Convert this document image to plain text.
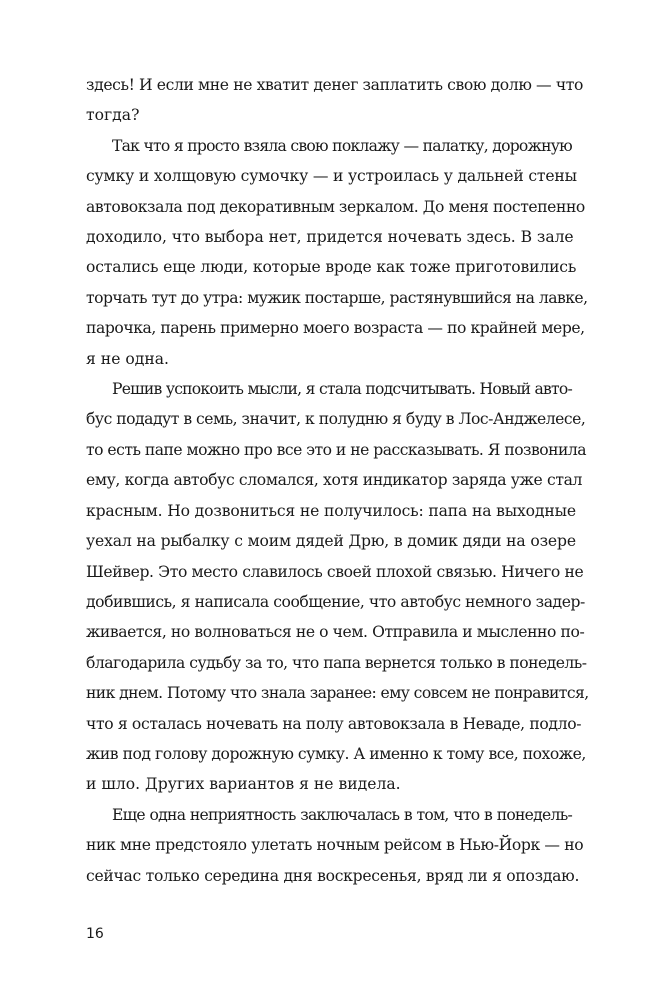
здесь! И если мне не хватит денег заплатить свою долю — что
тогда?

Так что я просто взяла свою поклажу — палатку, дорожную
сумку и холщовую сумочку — и устроилась у дальней стены
автовокзала под декоративным зеркалом. До меня постепенно
доходило, что выбора нет, придется ночевать здесь. В зале
остались еще люди, которые вроде как тоже приготовились
торчать тут до утра: мужик постарше, растянувшийся на лавке,
парочка, парень примерно моего возраста — по крайней мере,
я не одна.

Решив успокоить мысли, я стала подсчитывать. Новый авто-
бус подадут в семь, значит, к полудню я буду в Лос-Анджелесе,
то есть папе можно про все это и не рассказывать. Я позвонила
ему, когда автобус сломался, хотя индикатор заряда уже стал
красным. Но дозвониться не получилось: папа на выходные
уехал на рыбалку с моим дядей Дрю, в домик дяди на озере
Шейвер. Это место славилось своей плохой связью. Ничего не
добившись, я написала сообщение, что автобус немного задер-
живается, но волноваться не о чем. Отправила и мысленно по-
благодарила судьбу за то, что папа вернется только в понедель-
ник днем. Потому что знала заранее: ему совсем не понравится,
что я осталась ночевать на полу автовокзала в Неваде, подло-
жив под голову дорожную сумку. А именно к тому все, похоже,
и шло. Других вариантов я не видела.

Еще одна неприятность заключалась в том, что в понедель-
ник мне предстояло улетать ночным рейсом в Нью-Йорк — но
сейчас только середина дня воскресенья, вряд ли я опоздаю.

16
